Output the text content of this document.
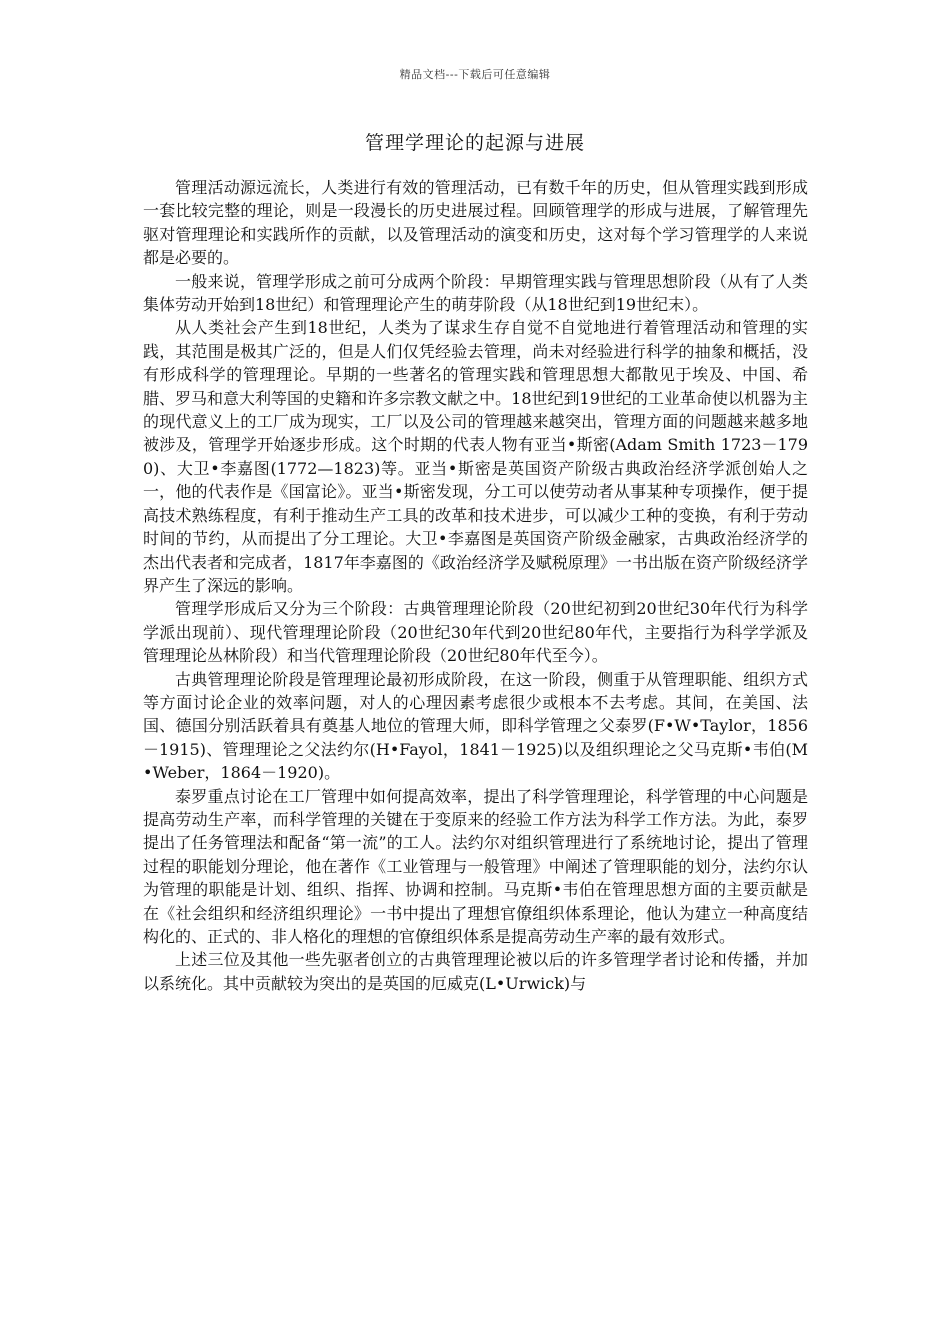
精品文档---下载后可任意编辑
管理学理论的起源与进展

管理活动源远流长，人类进行有效的管理活动，已有数千年的历史，但从管理实践到形成一套比较完整的理论，则是一段漫长的历史进展过程。回顾管理学的形成与进展，了解管理先驱对管理理论和实践所作的贡献，以及管理活动的演变和历史，这对每个学习管理学的人来说都是必要的。

一般来说，管理学形成之前可分成两个阶段：早期管理实践与管理思想阶段（从有了人类集体劳动开始到18世纪）和管理理论产生的萌芽阶段（从18世纪到19世纪末）。

从人类社会产生到18世纪，人类为了谋求生存自觉不自觉地进行着管理活动和管理的实践，其范围是极其广泛的，但是人们仅凭经验去管理，尚未对经验进行科学的抽象和概括，没有形成科学的管理理论。早期的一些著名的管理实践和管理思想大都散见于埃及、中国、希腊、罗马和意大利等国的史籍和许多宗教文献之中。18世纪到19世纪的工业革命使以机器为主的现代意义上的工厂成为现实，工厂以及公司的管理越来越突出，管理方面的问题越来越多地被涉及，管理学开始逐步形成。这个时期的代表人物有亚当•斯密(Adam Smith 1723－1790)、大卫•李嘉图(1772—1823)等。亚当•斯密是英国资产阶级古典政治经济学派创始人之一，他的代表作是《国富论》。亚当•斯密发现，分工可以使劳动者从事某种专项操作，便于提高技术熟练程度，有利于推动生产工具的改革和技术进步，可以减少工种的变换，有利于劳动时间的节约，从而提出了分工理论。大卫•李嘉图是英国资产阶级金融家，古典政治经济学的杰出代表者和完成者，1817年李嘉图的《政治经济学及赋税原理》一书出版在资产阶级经济学界产生了深远的影响。

管理学形成后又分为三个阶段：古典管理理论阶段（20世纪初到20世纪30年代行为科学学派出现前）、现代管理理论阶段（20世纪30年代到20世纪80年代，主要指行为科学学派及管理理论丛林阶段）和当代管理理论阶段（20世纪80年代至今）。

古典管理理论阶段是管理理论最初形成阶段，在这一阶段，侧重于从管理职能、组织方式等方面讨论企业的效率问题，对人的心理因素考虑很少或根本不去考虑。其间，在美国、法国、德国分别活跃着具有奠基人地位的管理大师，即科学管理之父泰罗(F•W•Taylor，1856－1915)、管理理论之父法约尔(H•Fayol，1841－1925)以及组织理论之父马克斯•韦伯(M•Weber，1864－1920)。

泰罗重点讨论在工厂管理中如何提高效率，提出了科学管理理论，科学管理的中心问题是提高劳动生产率，而科学管理的关键在于变原来的经验工作方法为科学工作方法。为此，泰罗提出了任务管理法和配备“第一流”的工人。法约尔对组织管理进行了系统地讨论，提出了管理过程的职能划分理论，他在著作《工业管理与一般管理》中阐述了管理职能的划分，法约尔认为管理的职能是计划、组织、指挥、协调和控制。马克斯•韦伯在管理思想方面的主要贡献是在《社会组织和经济组织理论》一书中提出了理想官僚组织体系理论，他认为建立一种高度结构化的、正式的、非人格化的理想的官僚组织体系是提高劳动生产率的最有效形式。

上述三位及其他一些先驱者创立的古典管理理论被以后的许多管理学者讨论和传播，并加以系统化。其中贡献较为突出的是英国的厄威克(L•Urwick)与
